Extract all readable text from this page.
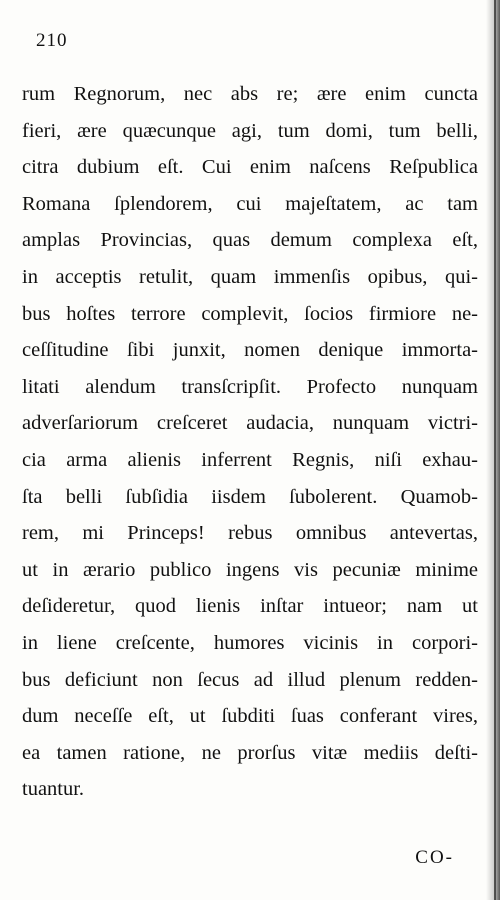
210
rum Regnorum, nec abs re; ære enim cuncta
fieri, ære quæcunque agi, tum domi, tum belli,
citra dubium eſt. Cui enim naſcens Reſpublica
Romana ſplendorem, cui majeſtatem, ac tam
amplas Provincias, quas demum complexa eſt,
in acceptis retulit, quam immenſis opibus, qui-
bus hoſtes terrore complevit, ſocios firmiore ne-
ceſſitudine ſibi junxit, nomen denique immorta-
litati alendum transſcripſit. Profecto nunquam
adverſariorum creſceret audacia, nunquam victri-
cia arma alienis inferrent Regnis, niſi exhau-
ſta belli ſubſidia iisdem ſubolerent. Quamob-
rem, mi Princeps! rebus omnibus antevertas,
ut in ærario publico ingens vis pecuniæ minime
deſideretur, quod lienis inſtar intueor; nam ut
in liene creſcente, humores vicinis in corpori-
bus deficiunt non ſecus ad illud plenum redden-
dum neceſſe eſt, ut ſubditi ſuas conferant vires,
ea tamen ratione, ne prorſus vitæ mediis deſti-
tuantur.
CO-
